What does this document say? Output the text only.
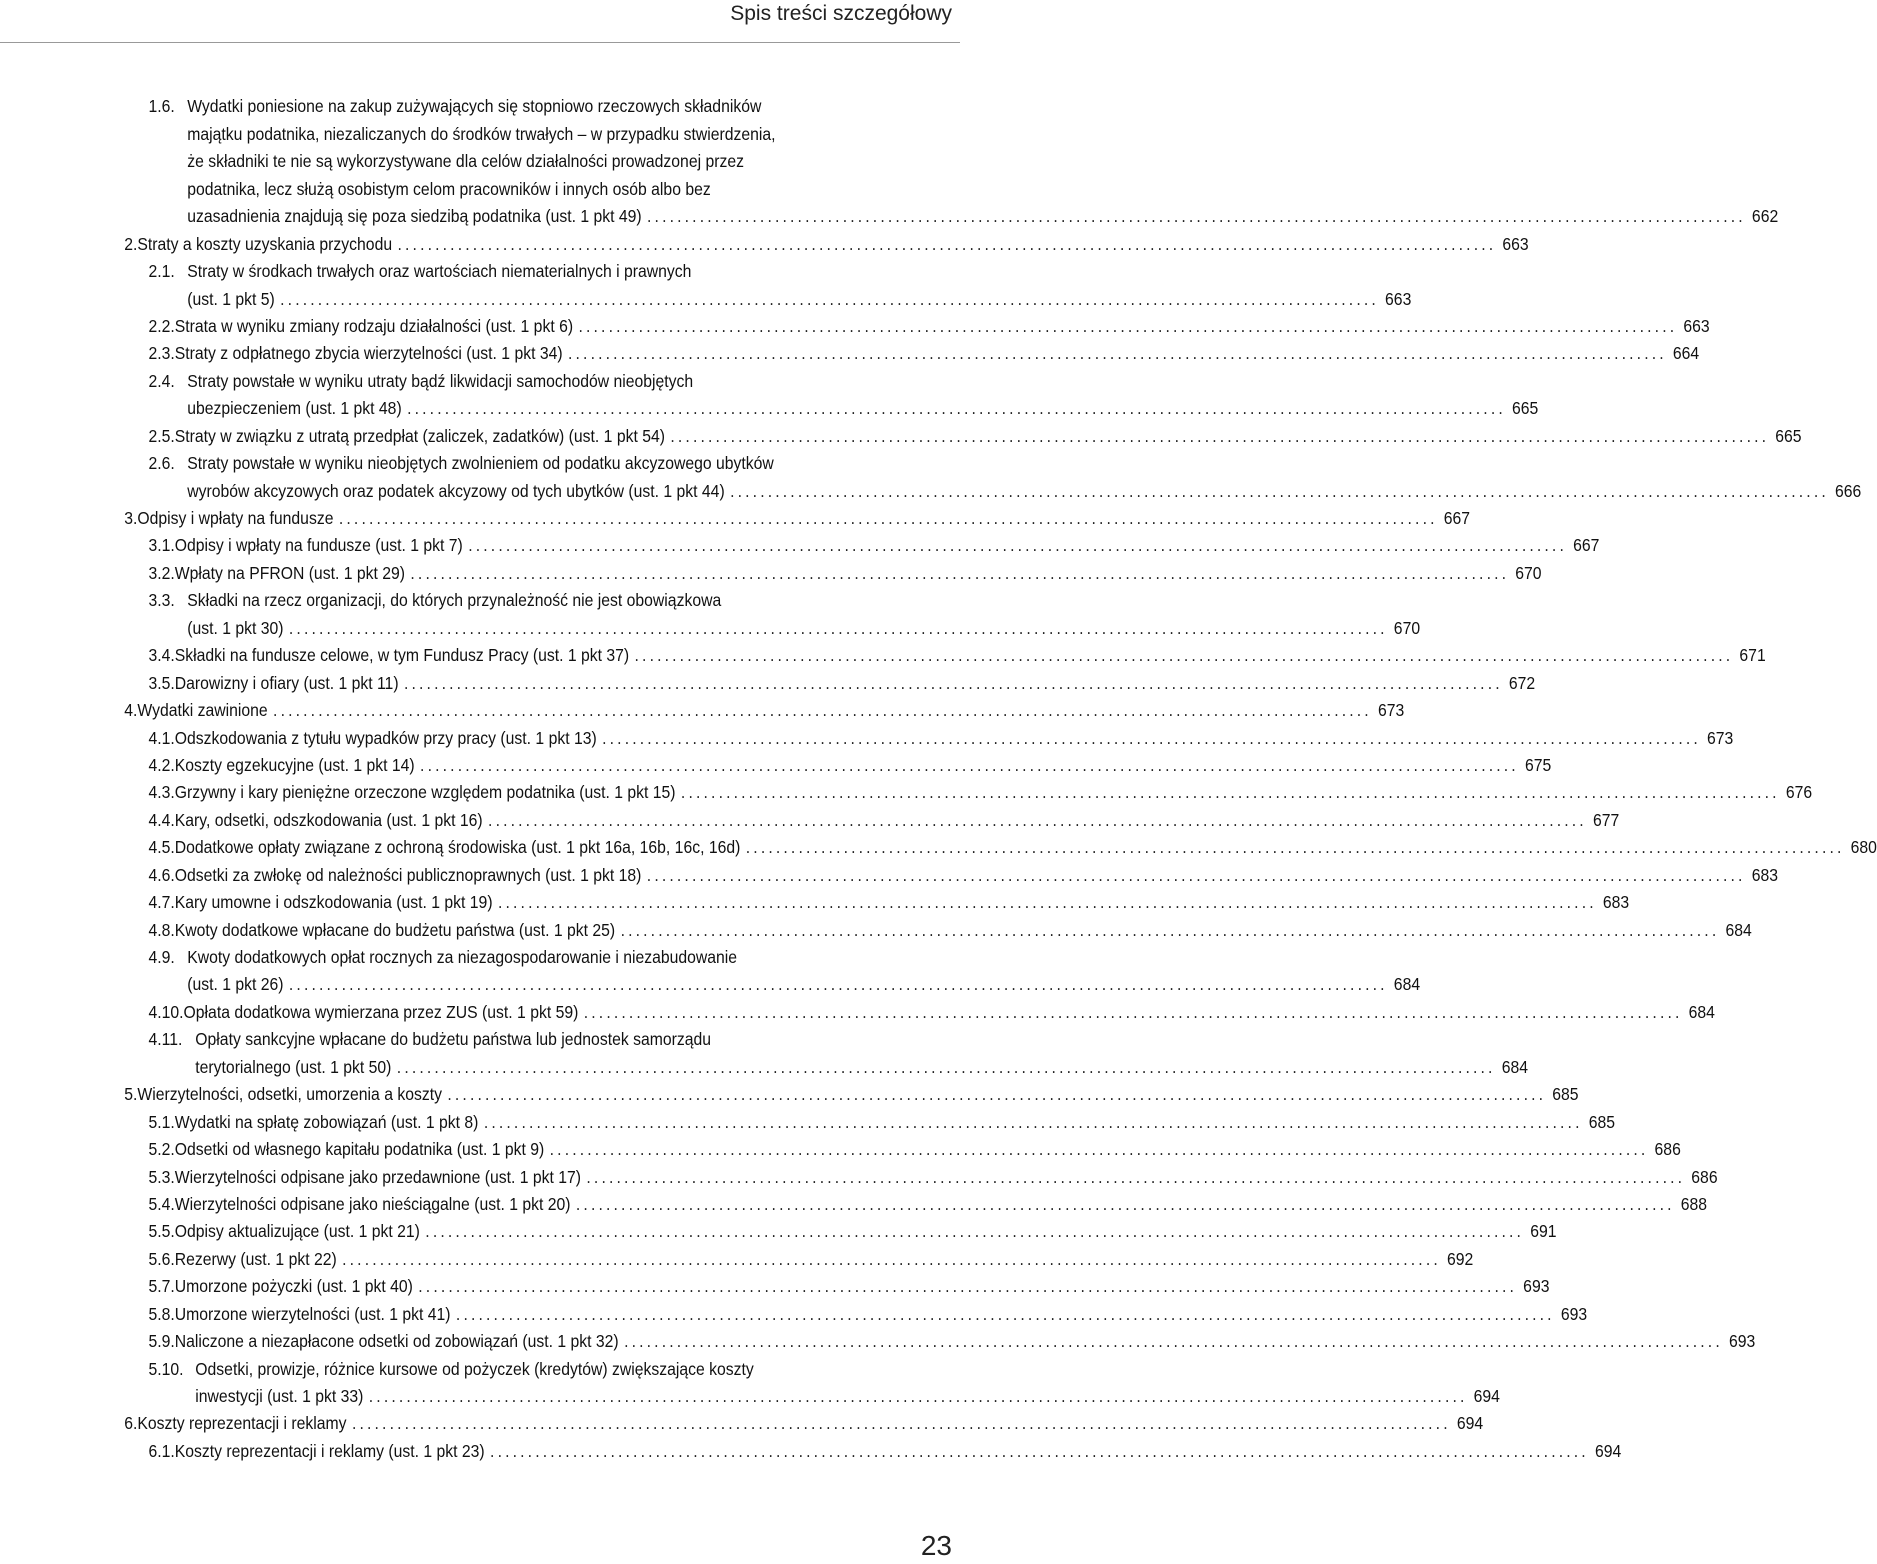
Spis treści szczegółowy
1.6. Wydatki poniesione na zakup zużywających się stopniowo rzeczowych składników
majątku podatnika, niezaliczanych do środków trwałych – w przypadku stwierdzenia,
że składniki te nie są wykorzystywane dla celów działalności prowadzonej przez
podatnika, lecz służą osobistym celom pracowników i innych osób albo bez
uzasadnienia znajdują się poza siedzibą podatnika (ust. 1 pkt 49) .................................................................................................................................................. 662
2. Straty a koszty uzyskania przychodu .................................................................................................................................................. 663
2.1. Straty w środkach trwałych oraz wartościach niematerialnych i prawnych
(ust. 1 pkt 5) .................................................................................................................................................. 663
2.2. Strata w wyniku zmiany rodzaju działalności (ust. 1 pkt 6) .................................................................................................................................................. 663
2.3. Straty z odpłatnego zbycia wierzytelności (ust. 1 pkt 34) .................................................................................................................................................. 664
2.4. Straty powstałe w wyniku utraty bądź likwidacji samochodów nieobjętych
ubezpieczeniem (ust. 1 pkt 48) .................................................................................................................................................. 665
2.5. Straty w związku z utratą przedpłat (zaliczek, zadatków) (ust. 1 pkt 54) .................................................................................................................................................. 665
2.6. Straty powstałe w wyniku nieobjętych zwolnieniem od podatku akcyzowego ubytków
wyrobów akcyzowych oraz podatek akcyzowy od tych ubytków (ust. 1 pkt 44) .................................................................................................................................................. 666
3. Odpisy i wpłaty na fundusze .................................................................................................................................................. 667
3.1. Odpisy i wpłaty na fundusze (ust. 1 pkt 7) .................................................................................................................................................. 667
3.2. Wpłaty na PFRON (ust. 1 pkt 29) .................................................................................................................................................. 670
3.3. Składki na rzecz organizacji, do których przynależność nie jest obowiązkowa
(ust. 1 pkt 30) .................................................................................................................................................. 670
3.4. Składki na fundusze celowe, w tym Fundusz Pracy (ust. 1 pkt 37) .................................................................................................................................................. 671
3.5. Darowizny i ofiary (ust. 1 pkt 11) .................................................................................................................................................. 672
4. Wydatki zawinione .................................................................................................................................................. 673
4.1. Odszkodowania z tytułu wypadków przy pracy (ust. 1 pkt 13) .................................................................................................................................................. 673
4.2. Koszty egzekucyjne (ust. 1 pkt 14) .................................................................................................................................................. 675
4.3. Grzywny i kary pieniężne orzeczone względem podatnika (ust. 1 pkt 15) .................................................................................................................................................. 676
4.4. Kary, odsetki, odszkodowania (ust. 1 pkt 16) .................................................................................................................................................. 677
4.5. Dodatkowe opłaty związane z ochroną środowiska (ust. 1 pkt 16a, 16b, 16c, 16d) .................................................................................................................................................. 680
4.6. Odsetki za zwłokę od należności publicznoprawnych (ust. 1 pkt 18) .................................................................................................................................................. 683
4.7. Kary umowne i odszkodowania (ust. 1 pkt 19) .................................................................................................................................................. 683
4.8. Kwoty dodatkowe wpłacane do budżetu państwa (ust. 1 pkt 25) .................................................................................................................................................. 684
4.9. Kwoty dodatkowych opłat rocznych za niezagospodarowanie i niezabudowanie
(ust. 1 pkt 26) .................................................................................................................................................. 684
4.10. Opłata dodatkowa wymierzana przez ZUS (ust. 1 pkt 59) .................................................................................................................................................. 684
4.11. Opłaty sankcyjne wpłacane do budżetu państwa lub jednostek samorządu
terytorialnego (ust. 1 pkt 50) .................................................................................................................................................. 684
5. Wierzytelności, odsetki, umorzenia a koszty .................................................................................................................................................. 685
5.1. Wydatki na spłatę zobowiązań (ust. 1 pkt 8) .................................................................................................................................................. 685
5.2. Odsetki od własnego kapitału podatnika (ust. 1 pkt 9) .................................................................................................................................................. 686
5.3. Wierzytelności odpisane jako przedawnione (ust. 1 pkt 17) .................................................................................................................................................. 686
5.4. Wierzytelności odpisane jako nieściągalne (ust. 1 pkt 20) .................................................................................................................................................. 688
5.5. Odpisy aktualizujące (ust. 1 pkt 21) .................................................................................................................................................. 691
5.6. Rezerwy (ust. 1 pkt 22) .................................................................................................................................................. 692
5.7. Umorzone pożyczki (ust. 1 pkt 40) .................................................................................................................................................. 693
5.8. Umorzone wierzytelności (ust. 1 pkt 41) .................................................................................................................................................. 693
5.9. Naliczone a niezapłacone odsetki od zobowiązań (ust. 1 pkt 32) .................................................................................................................................................. 693
5.10. Odsetki, prowizje, różnice kursowe od pożyczek (kredytów) zwiększające koszty
inwestycji (ust. 1 pkt 33) .................................................................................................................................................. 694
6. Koszty reprezentacji i reklamy .................................................................................................................................................. 694
6.1. Koszty reprezentacji i reklamy (ust. 1 pkt 23) .................................................................................................................................................. 694
23
